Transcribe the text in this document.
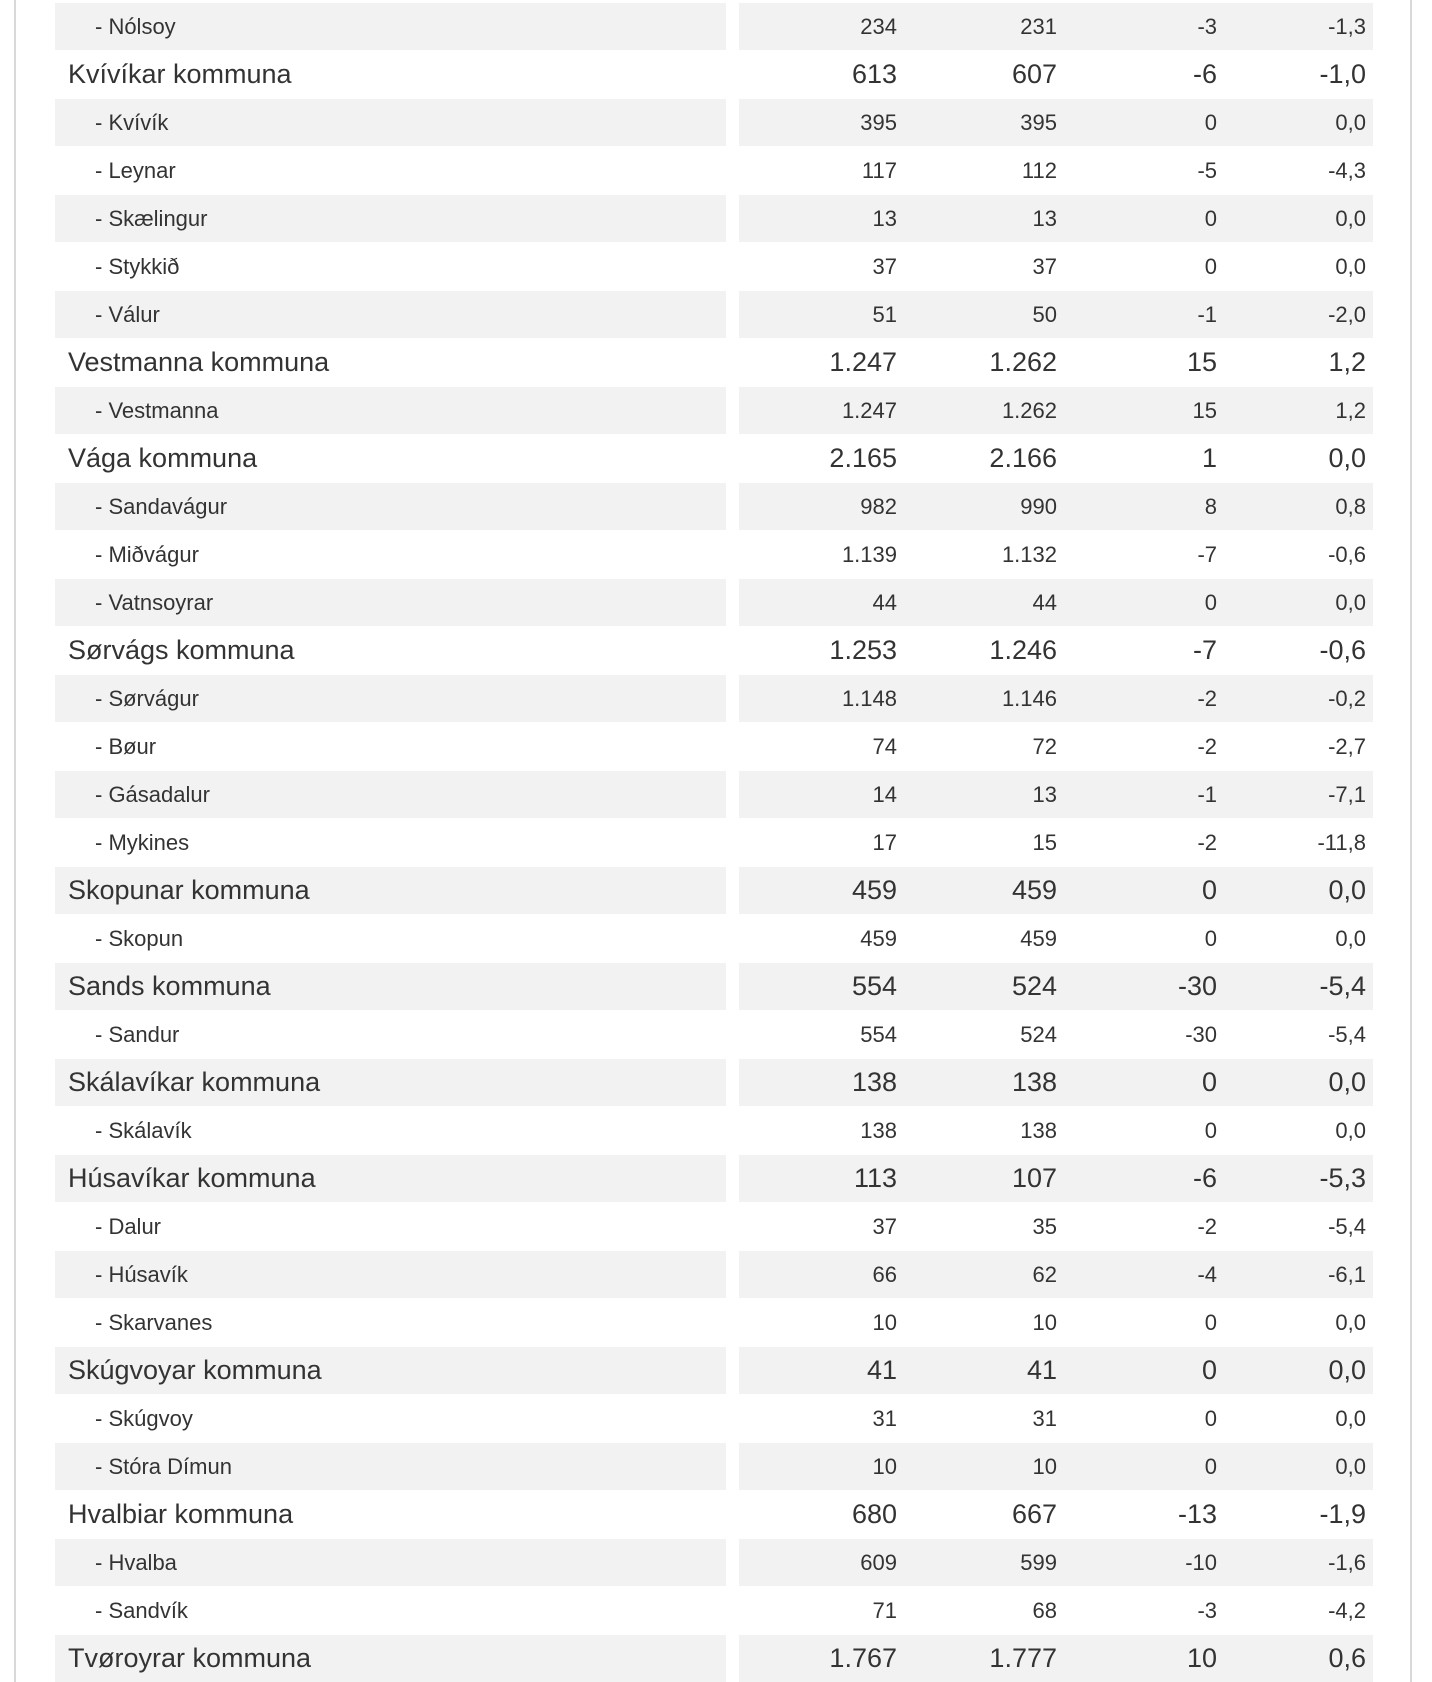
- Nólsoy	234	231	-3	-1,3
Kvívíkar kommuna	613	607	-6	-1,0
- Kvívík	395	395	0	0,0
- Leynar	117	112	-5	-4,3
- Skælingur	13	13	0	0,0
- Stykkið	37	37	0	0,0
- Válur	51	50	-1	-2,0
Vestmanna kommuna	1.247	1.262	15	1,2
- Vestmanna	1.247	1.262	15	1,2
Vága kommuna	2.165	2.166	1	0,0
- Sandavágur	982	990	8	0,8
- Miðvágur	1.139	1.132	-7	-0,6
- Vatnsoyrar	44	44	0	0,0
Sørvágs kommuna	1.253	1.246	-7	-0,6
- Sørvágur	1.148	1.146	-2	-0,2
- Bøur	74	72	-2	-2,7
- Gásadalur	14	13	-1	-7,1
- Mykines	17	15	-2	-11,8
Skopunar kommuna	459	459	0	0,0
- Skopun	459	459	0	0,0
Sands kommuna	554	524	-30	-5,4
- Sandur	554	524	-30	-5,4
Skálavíkar kommuna	138	138	0	0,0
- Skálavík	138	138	0	0,0
Húsavíkar kommuna	113	107	-6	-5,3
- Dalur	37	35	-2	-5,4
- Húsavík	66	62	-4	-6,1
- Skarvanes	10	10	0	0,0
Skúgvoyar kommuna	41	41	0	0,0
- Skúgvoy	31	31	0	0,0
- Stóra Dímun	10	10	0	0,0
Hvalbiar kommuna	680	667	-13	-1,9
- Hvalba	609	599	-10	-1,6
- Sandvík	71	68	-3	-4,2
Tvøroyrar kommuna	1.767	1.777	10	0,6
